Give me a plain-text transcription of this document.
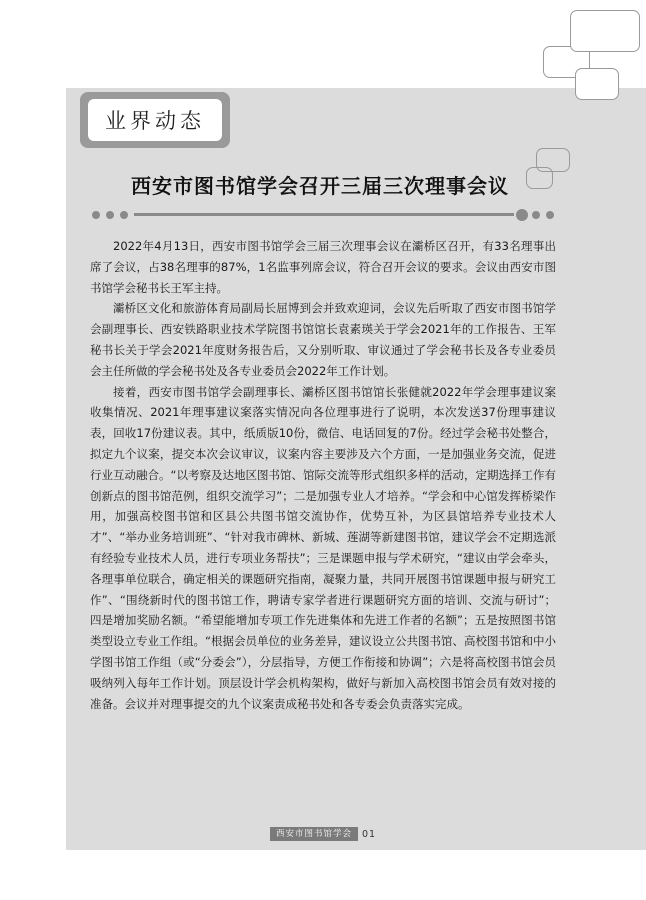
业界动态
西安市图书馆学会召开三届三次理事会议

2022年4月13日，西安市图书馆学会三届三次理事会议在灞桥区召开，有33名理事出席了会议，占38名理事的87%，1名监事列席会议，符合召开会议的要求。会议由西安市图书馆学会秘书长王军主持。

灞桥区文化和旅游体育局副局长屈博到会并致欢迎词，会议先后听取了西安市图书馆学会副理事长、西安铁路职业技术学院图书馆馆长袁素瑛关于学会2021年的工作报告、王军秘书长关于学会2021年度财务报告后，又分别听取、审议通过了学会秘书长及各专业委员会主任所做的学会秘书处及各专业委员会2022年工作计划。

接着，西安市图书馆学会副理事长、灞桥区图书馆馆长张健就2022年学会理事建议案收集情况、2021年理事建议案落实情况向各位理事进行了说明，本次发送37份理事建议表，回收17份建议表。其中，纸质版10份，微信、电话回复的7份。经过学会秘书处整合，拟定九个议案，提交本次会议审议，议案内容主要涉及六个方面，一是加强业务交流，促进行业互动融合。“以考察及达地区图书馆、馆际交流等形式组织多样的活动，定期选择工作有创新点的图书馆范例，组织交流学习”；二是加强专业人才培养。“学会和中心馆发挥桥梁作用，加强高校图书馆和区县公共图书馆交流协作，优势互补，为区县馆培养专业技术人才”、“举办业务培训班”、“针对我市碑林、新城、莲湖等新建图书馆，建议学会不定期选派有经验专业技术人员，进行专项业务帮扶”；三是课题申报与学术研究，“建议由学会牵头，各理事单位联合，确定相关的课题研究指南，凝聚力量，共同开展图书馆课题申报与研究工作”、“围绕新时代的图书馆工作，聘请专家学者进行课题研究方面的培训、交流与研讨”；四是增加奖励名额。“希望能增加专项工作先进集体和先进工作者的名额”；五是按照图书馆类型设立专业工作组。“根据会员单位的业务差异，建议设立公共图书馆、高校图书馆和中小学图书馆工作组（或“分委会”），分层指导，方便工作衔接和协调”；六是将高校图书馆会员吸纳列入每年工作计划。顶层设计学会机构架构，做好与新加入高校图书馆会员有效对接的准备。会议并对理事提交的九个议案责成秘书处和各专委会负责落实完成。

西安市图书馆学会	01
